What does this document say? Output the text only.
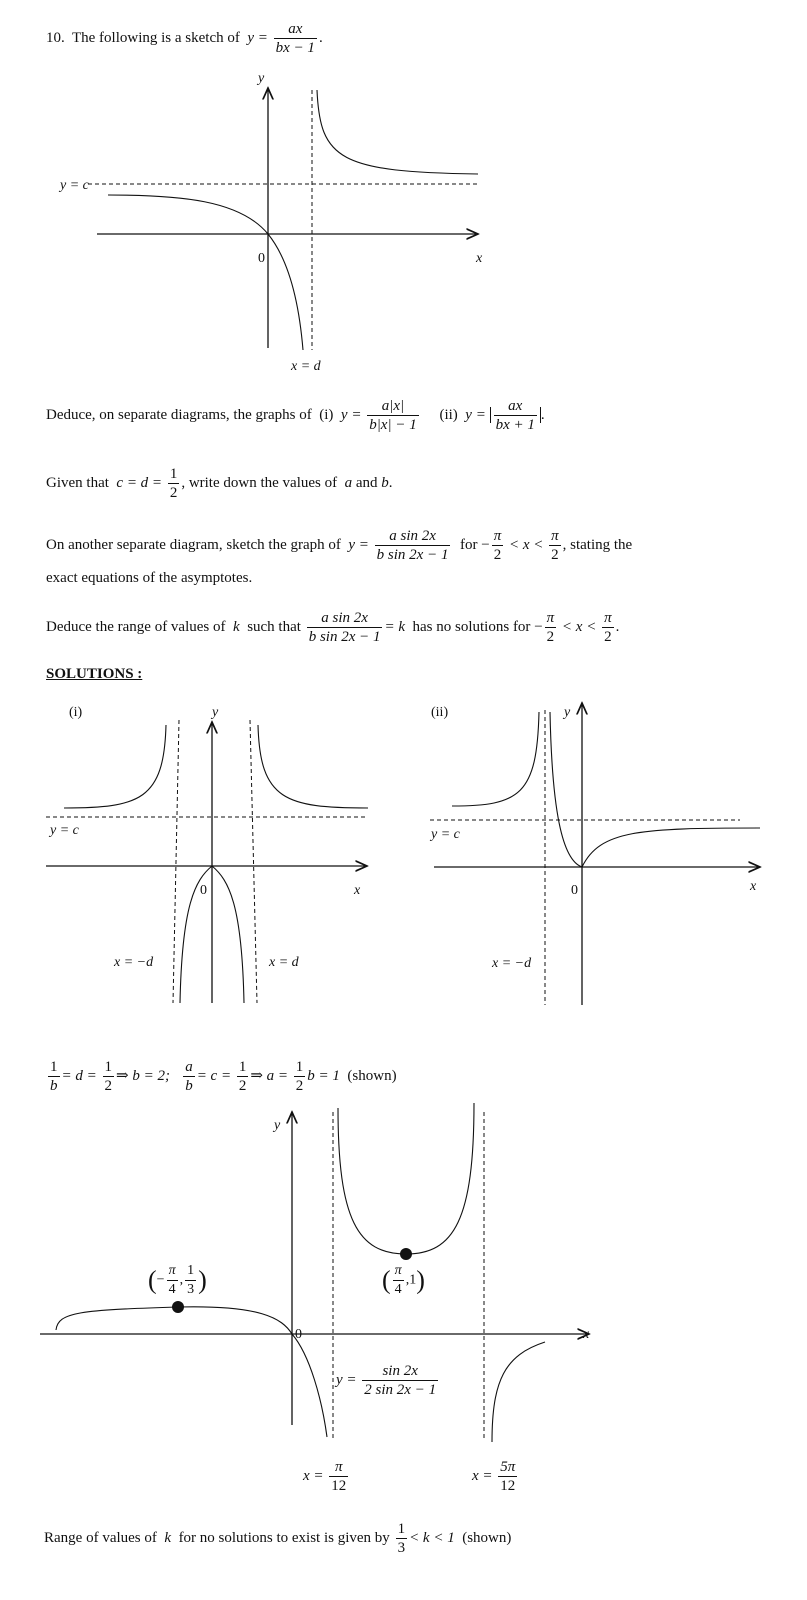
10. The following is a sketch of $y = \frac{ax}{bx - 1}$ .
y
x
0
y = c
x = d
Deduce, on separate diagrams, the graphs of (i) $y = \frac{a|x|}{b|x| - 1} (ii) y = \frac{ax}{bx + 1}$ .
Given that $c = d = \frac{1}{2}$ , write down the values of a and b.
On another separate diagram, sketch the graph of $y = \frac{\text{a sin 2x}}{\text{b sin 2x − 1}}$ for − $\frac{\pi}{2} < x < \frac{\pi}{2}$ , stating the
exact equations of the asymptotes.
Deduce the range of values of k such that $\frac{\text{a sin 2x}}{\text{b sin 2x − 1}} = k$ has no solutions for − $\frac{\pi}{2} < x < \frac{\pi}{2}$ .
SOLUTIONS :
(i)	y
x
0
y = c
x = −d	x = d
(ii)	y
x
0
y = c
x = −d
$\frac{1}{b} = d = \frac{1}{2}$ ⇒ b = 2; $\frac{a}{b} = c = \frac{1}{2}$ ⇒ $a = \frac{1}{2}$ b = 1 (shown)
y
x
0
(− $\frac{\pi}{4}$ , $\frac{1}{3}$ )	( $\frac{\pi}{4} ,1$)
$y = \frac{\sin 2x}{2 \sin 2x - 1}$
$x = \frac{\pi}{12}$	$x = \frac{5\pi}{12}$
Range of values of k for no solutions to exist is given by $\frac{1}{3} < k < 1$ (shown)
